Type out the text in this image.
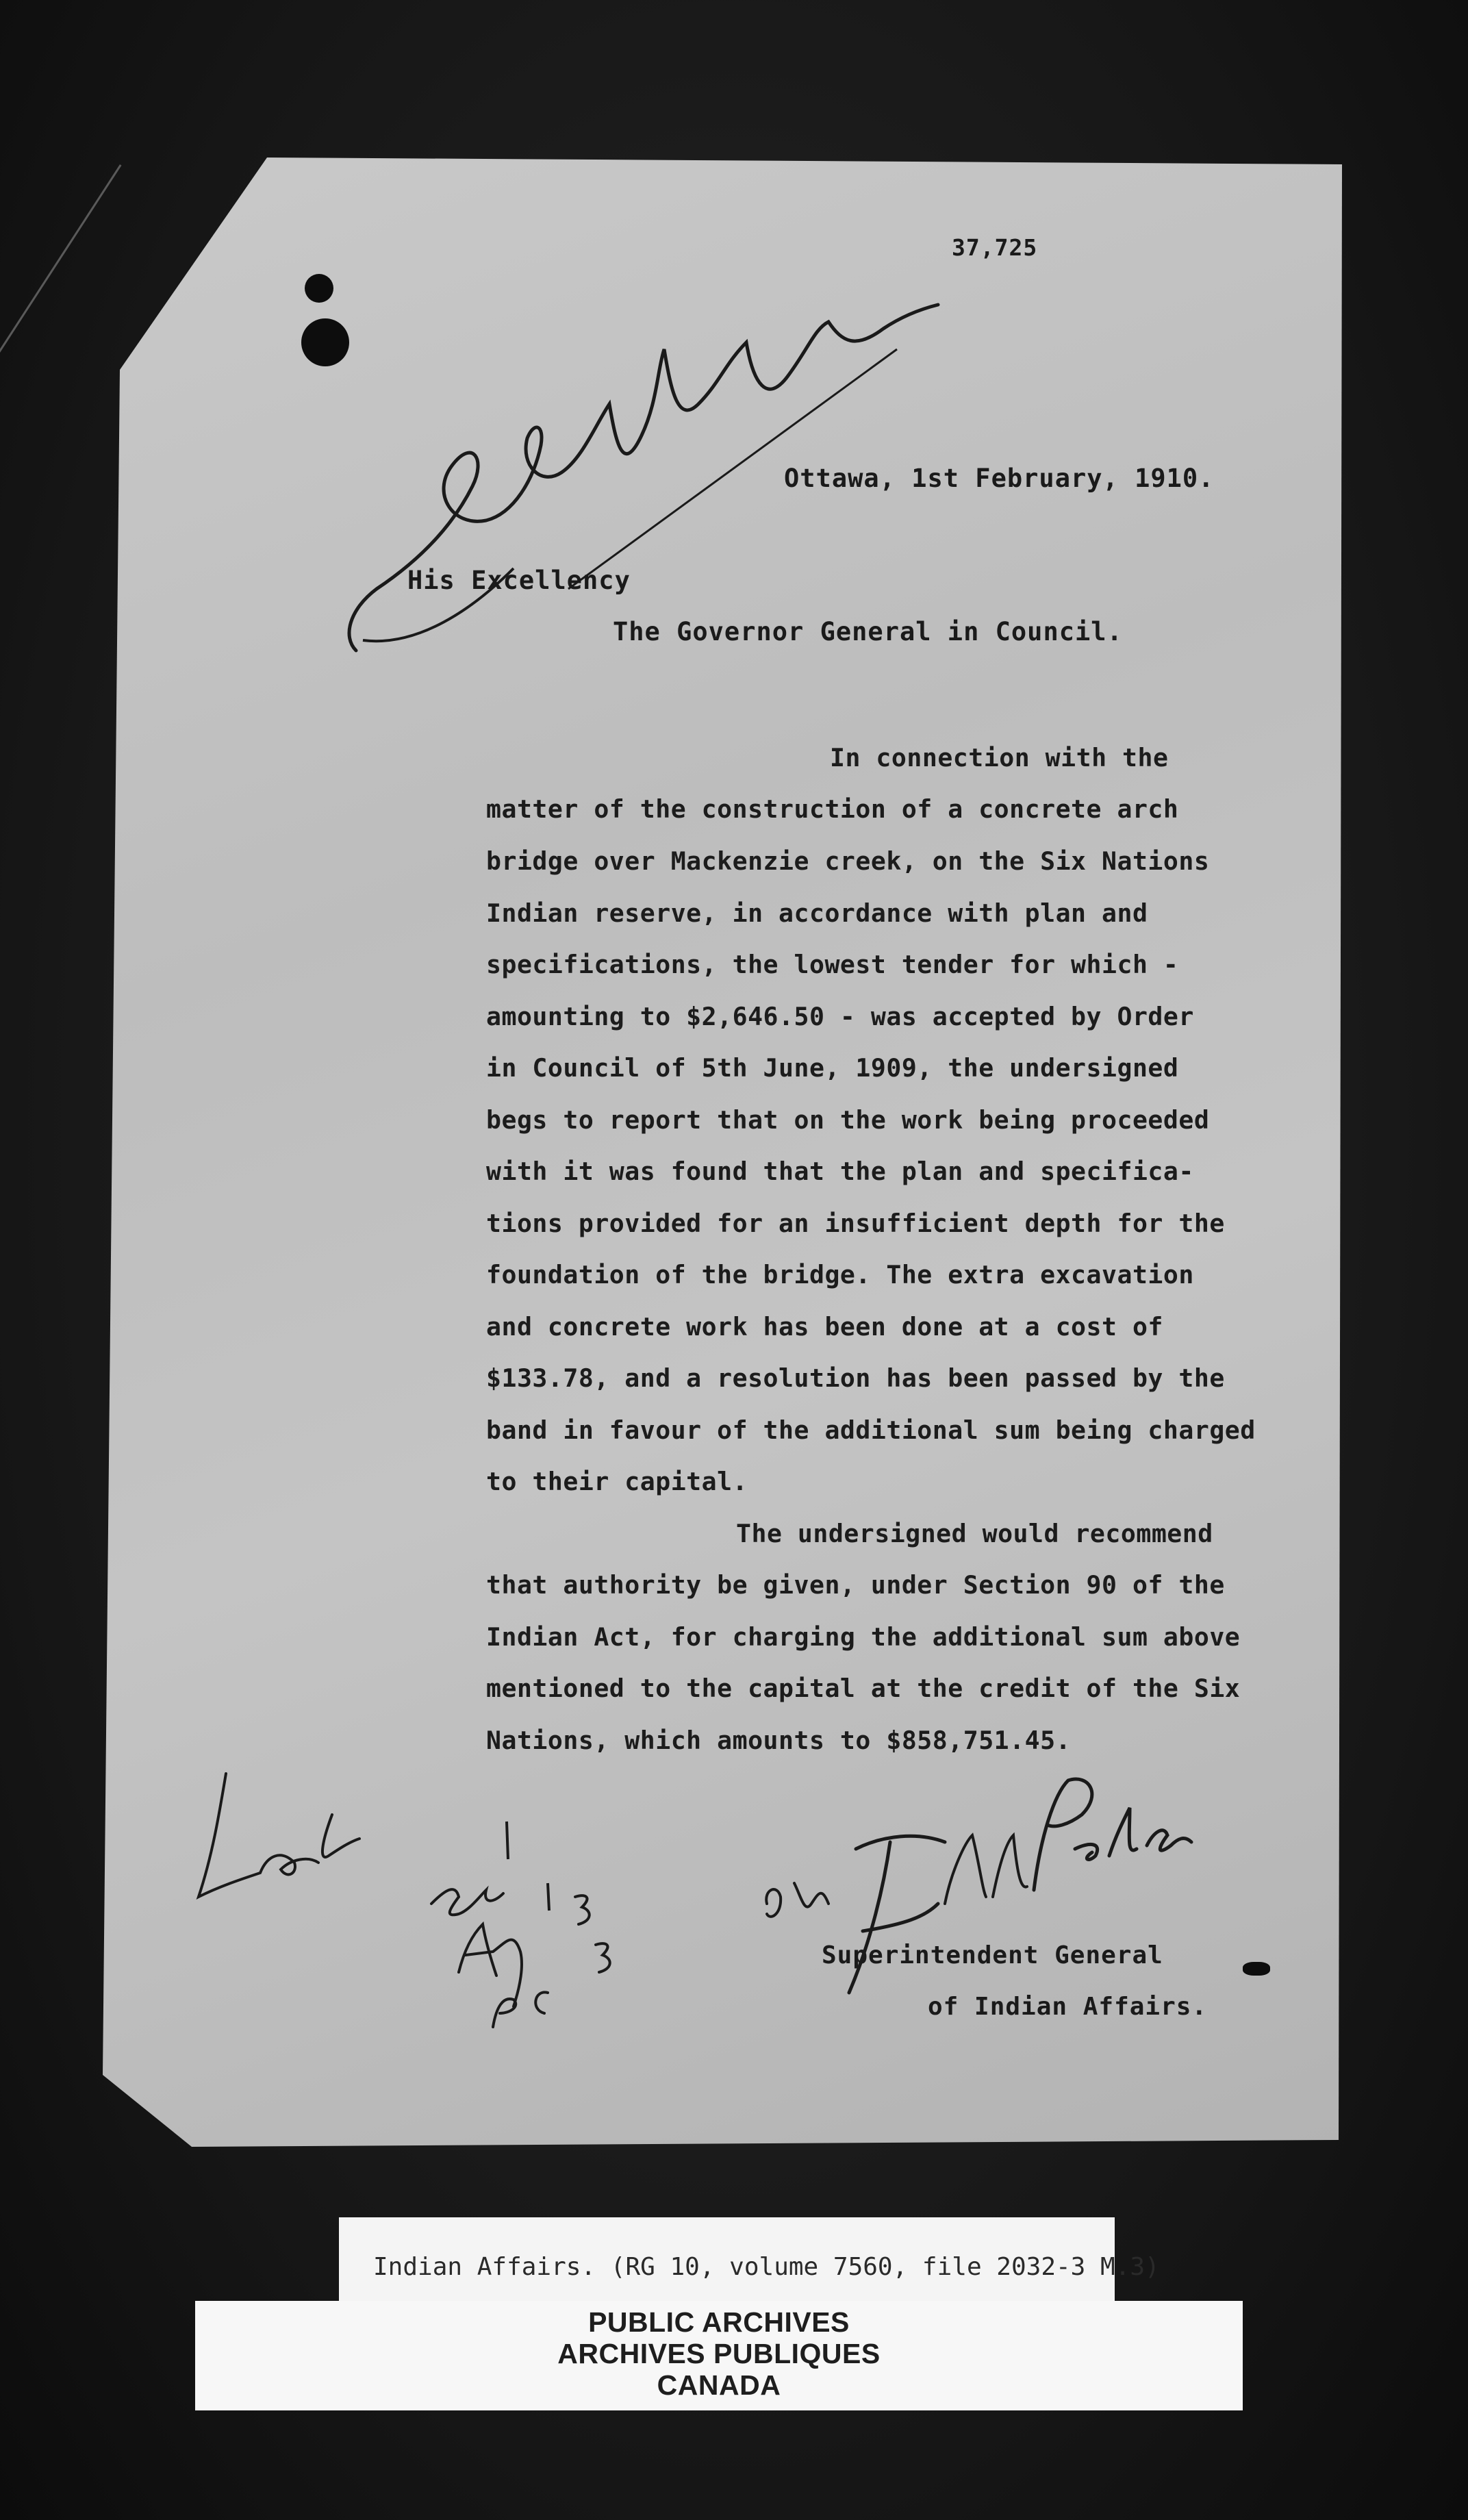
37,725
Ottawa, 1st February, 1910.
His Excellency
The Governor General in Council.
In connection with the
matter of the construction of a concrete arch
bridge over Mackenzie creek, on the Six Nations
Indian reserve, in accordance with plan and
specifications, the lowest tender for which -
amounting to $2,646.50 - was accepted by Order
in Council of 5th June, 1909, the undersigned
begs to report that on the work being proceeded
with it was found that the plan and specifica-
tions provided for an insufficient depth for the
foundation of the bridge. The extra excavation
and concrete work has been done at a cost of
$133.78, and a resolution has been passed by the
band in favour of the additional sum being charged
to their capital.
The undersigned would recommend
that authority be given, under Section 90 of the
Indian Act, for charging the additional sum above
mentioned to the capital at the credit of the Six
Nations, which amounts to $858,751.45.
Superintendent General
of Indian Affairs.
Indian Affairs. (RG 10, volume 7560, file 2032-3 M.3)
PUBLIC ARCHIVES
ARCHIVES PUBLIQUES
CANADA
